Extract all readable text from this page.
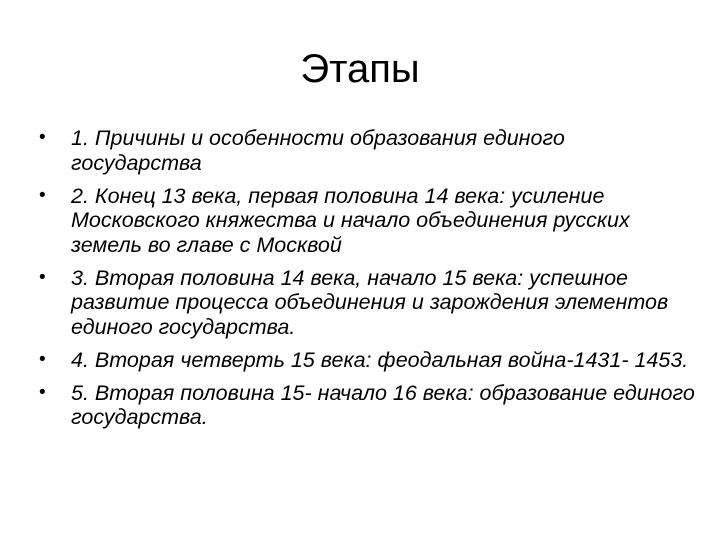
Этапы
• 1. Причины и особенности образования единого государства
• 2. Конец 13 века, первая половина 14 века: усиление Московского княжества и начало объединения русских земель во главе с Москвой
• 3. Вторая половина 14 века, начало 15 века: успешное развитие процесса объединения и зарождения элементов единого государства.
• 4. Вторая четверть 15 века: феодальная война-1431- 1453.
• 5. Вторая половина 15- начало 16 века: образование единого государства.
